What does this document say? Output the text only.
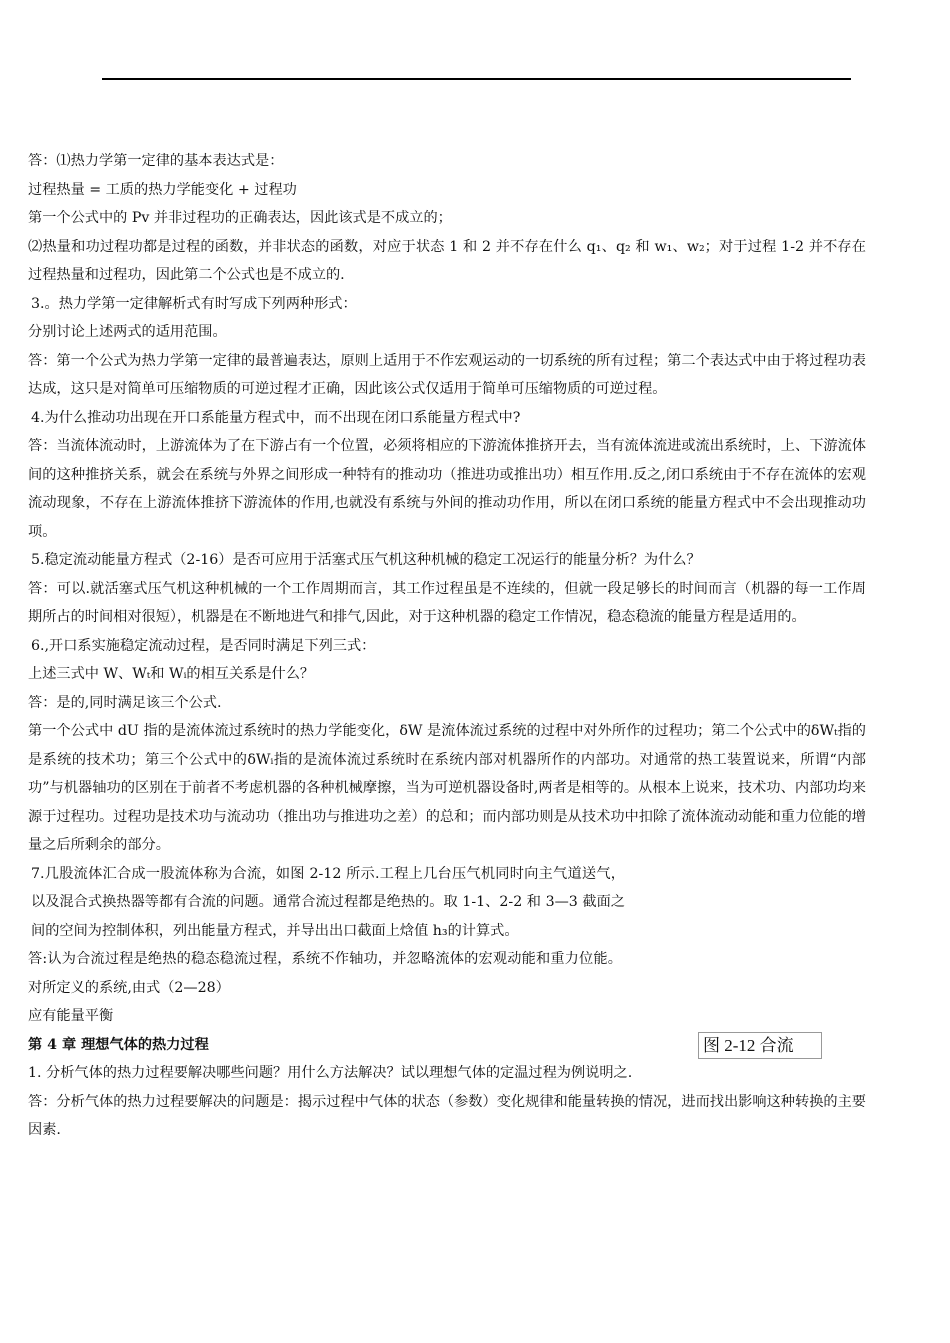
答：⑴热力学第一定律的基本表达式是：

过程热量 = 工质的热力学能变化 + 过程功

第一个公式中的 Pv 并非过程功的正确表达，因此该式是不成立的；

⑵热量和功过程功都是过程的函数，并非状态的函数，对应于状态 1 和 2 并不存在什么 q₁、q₂ 和 w₁、w₂；对于过程 1-2 并不存在过程热量和过程功，因此第二个公式也是不成立的.

3.。热力学第一定律解析式有时写成下列两种形式：

分别讨论上述两式的适用范围。

答：第一个公式为热力学第一定律的最普遍表达，原则上适用于不作宏观运动的一切系统的所有过程；第二个表达式中由于将过程功表达成，这只是对简单可压缩物质的可逆过程才正确，因此该公式仅适用于简单可压缩物质的可逆过程。

4.为什么推动功出现在开口系能量方程式中，而不出现在闭口系能量方程式中?

答：当流体流动时，上游流体为了在下游占有一个位置，必须将相应的下游流体推挤开去，当有流体流进或流出系统时，上、下游流体间的这种推挤关系，就会在系统与外界之间形成一种特有的推动功（推进功或推出功）相互作用.反之,闭口系统由于不存在流体的宏观流动现象，不存在上游流体推挤下游流体的作用,也就没有系统与外间的推动功作用，所以在闭口系统的能量方程式中不会出现推动功项。

5.稳定流动能量方程式（2-16）是否可应用于活塞式压气机这种机械的稳定工况运行的能量分析？为什么？

答：可以.就活塞式压气机这种机械的一个工作周期而言，其工作过程虽是不连续的，但就一段足够长的时间而言（机器的每一工作周期所占的时间相对很短），机器是在不断地进气和排气,因此，对于这种机器的稳定工作情况，稳态稳流的能量方程是适用的。

6.,开口系实施稳定流动过程，是否同时满足下列三式：

上述三式中 W、Wₜ和 Wᵢ的相互关系是什么？

答：是的,同时满足该三个公式.

第一个公式中 dU 指的是流体流过系统时的热力学能变化，δW 是流体流过系统的过程中对外所作的过程功；第二个公式中的δWₜ指的是系统的技术功；第三个公式中的δWᵢ指的是流体流过系统时在系统内部对机器所作的内部功。对通常的热工装置说来，所谓“内部功”与机器轴功的区别在于前者不考虑机器的各种机械摩擦，当为可逆机器设备时,两者是相等的。从根本上说来，技术功、内部功均来源于过程功。过程功是技术功与流动功（推出功与推进功之差）的总和；而内部功则是从技术功中扣除了流体流动动能和重力位能的增量之后所剩余的部分。

7.几股流体汇合成一股流体称为合流，如图 2-12 所示.工程上几台压气机同时向主气道送气，以及混合式换热器等都有合流的问题。通常合流过程都是绝热的。取 1-1、2-2 和 3—3 截面之间的空间为控制体积，列出能量方程式，并导出出口截面上焓值 h₃的计算式。

答:认为合流过程是绝热的稳态稳流过程，系统不作轴功，并忽略流体的宏观动能和重力位能。对所定义的系统,由式（2—28）

应有能量平衡

第 4 章 理想气体的热力过程

1. 分析气体的热力过程要解决哪些问题？用什么方法解决？试以理想气体的定温过程为例说明之.

答：分析气体的热力过程要解决的问题是：揭示过程中气体的状态（参数）变化规律和能量转换的情况，进而找出影响这种转换的主要因素.

图 2-12 合流
